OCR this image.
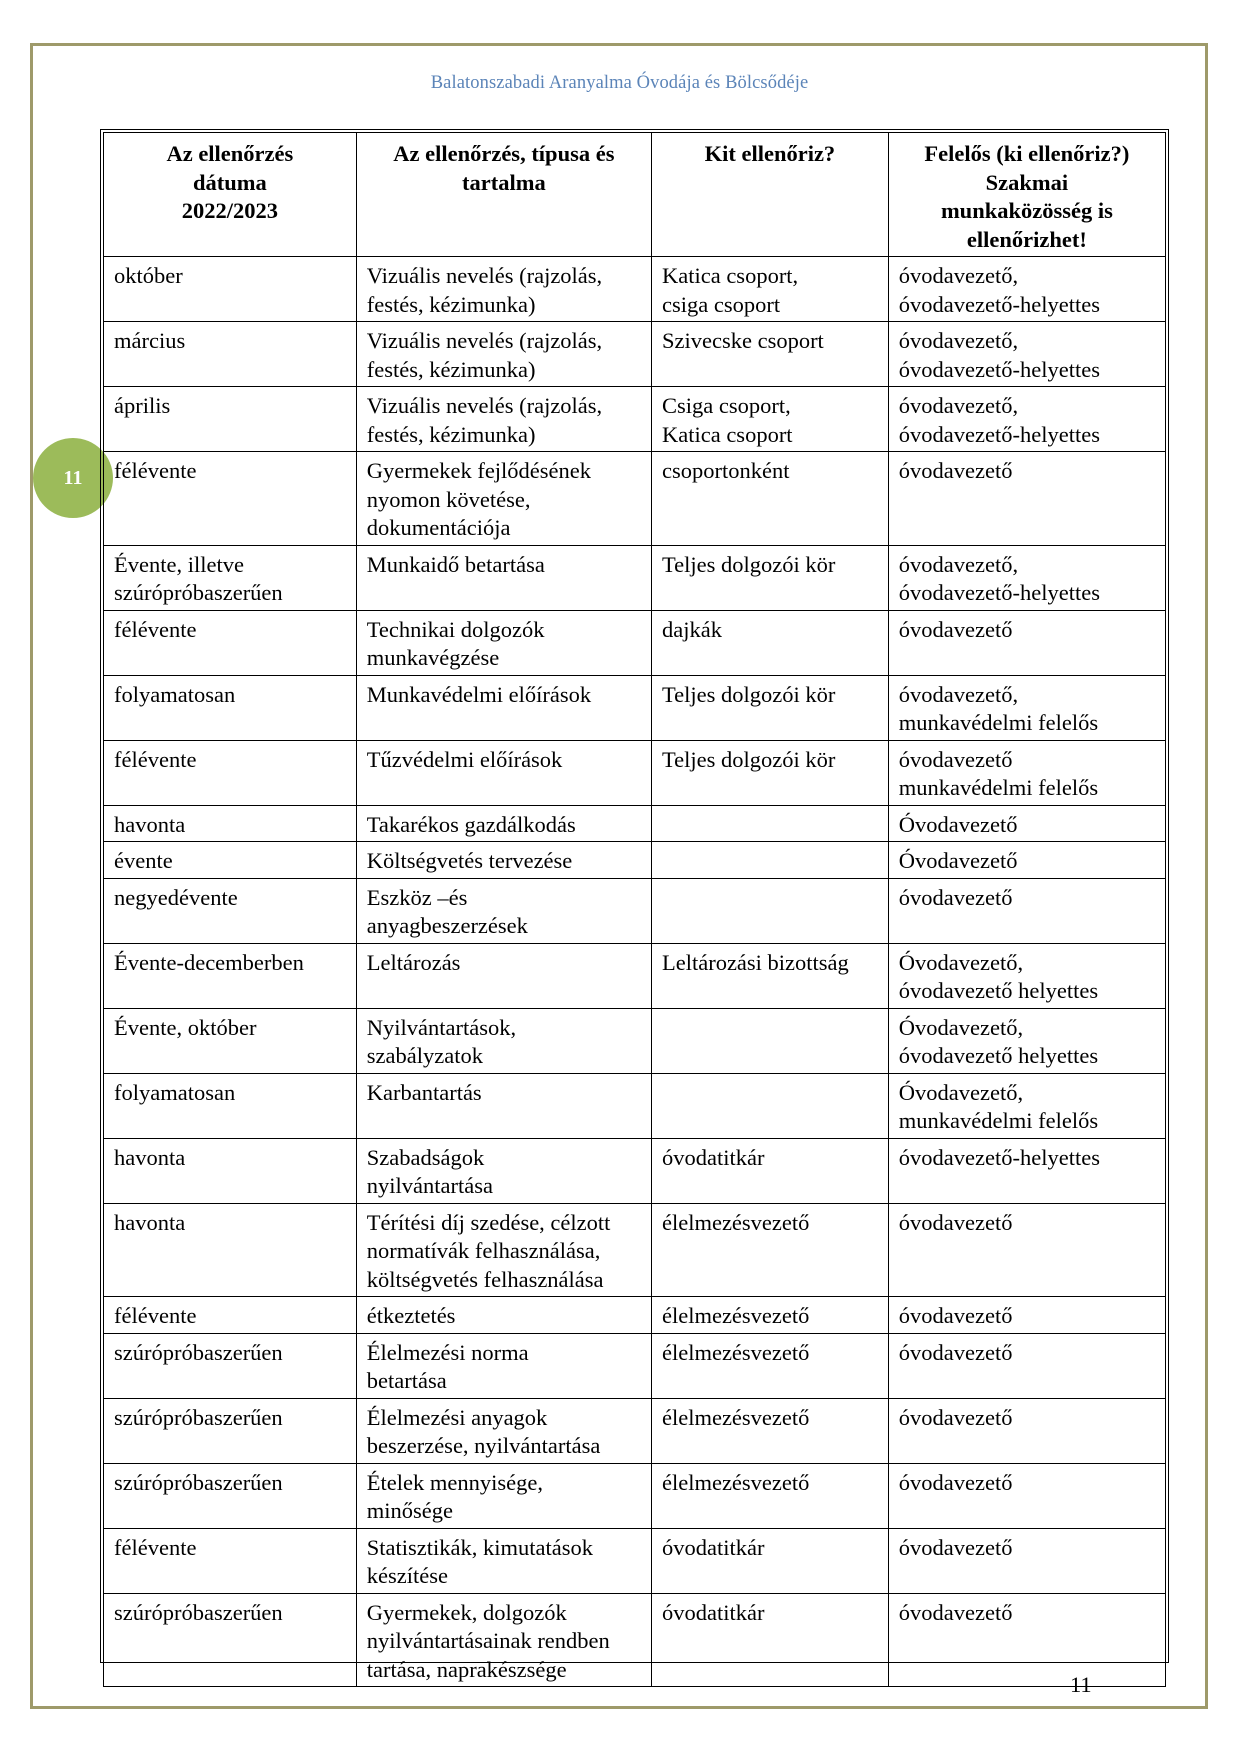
Balatonszabadi Aranyalma Óvodája és Bölcsődéje
11
Az ellenőrzés
dátuma
2022/2023	Az ellenőrzés, típusa és
tartalma	Kit ellenőriz?	Felelős (ki ellenőriz?)
Szakmai
munkaközösség is
ellenőrizhet!
október	Vizuális nevelés (rajzolás,
festés, kézimunka)	Katica csoport,
csiga csoport	óvodavezető,
óvodavezető-helyettes
március	Vizuális nevelés (rajzolás,
festés, kézimunka)	Szivecske csoport	óvodavezető,
óvodavezető-helyettes
április	Vizuális nevelés (rajzolás,
festés, kézimunka)	Csiga csoport,
Katica csoport	óvodavezető,
óvodavezető-helyettes
félévente	Gyermekek fejlődésének
nyomon követése,
dokumentációja	csoportonként	óvodavezető
Évente, illetve
szúrópróbaszerűen	Munkaidő betartása	Teljes dolgozói kör	óvodavezető,
óvodavezető-helyettes
félévente	Technikai dolgozók
munkavégzése	dajkák	óvodavezető
folyamatosan	Munkavédelmi előírások	Teljes dolgozói kör	óvodavezető,
munkavédelmi felelős
félévente	Tűzvédelmi előírások	Teljes dolgozói kör	óvodavezető
munkavédelmi felelős
havonta	Takarékos gazdálkodás		Óvodavezető
évente	Költségvetés tervezése		Óvodavezető
negyedévente	Eszköz –és
anyagbeszerzések		óvodavezető
Évente-decemberben	Leltározás	Leltározási bizottság	Óvodavezető,
óvodavezető helyettes
Évente, október	Nyilvántartások,
szabályzatok		Óvodavezető,
óvodavezető helyettes
folyamatosan	Karbantartás		Óvodavezető,
munkavédelmi felelős
havonta	Szabadságok
nyilvántartása	óvodatitkár	óvodavezető-helyettes
havonta	Térítési díj szedése, célzott
normatívák felhasználása,
költségvetés felhasználása	élelmezésvezető	óvodavezető
félévente	étkeztetés	élelmezésvezető	óvodavezető
szúrópróbaszerűen	Élelmezési norma
betartása	élelmezésvezető	óvodavezető
szúrópróbaszerűen	Élelmezési anyagok
beszerzése, nyilvántartása	élelmezésvezető	óvodavezető
szúrópróbaszerűen	Ételek mennyisége,
minősége	élelmezésvezető	óvodavezető
félévente	Statisztikák, kimutatások
készítése	óvodatitkár	óvodavezető
szúrópróbaszerűen	Gyermekek, dolgozók
nyilvántartásainak rendben
tartása, naprakészsége	óvodatitkár	óvodavezető
11
